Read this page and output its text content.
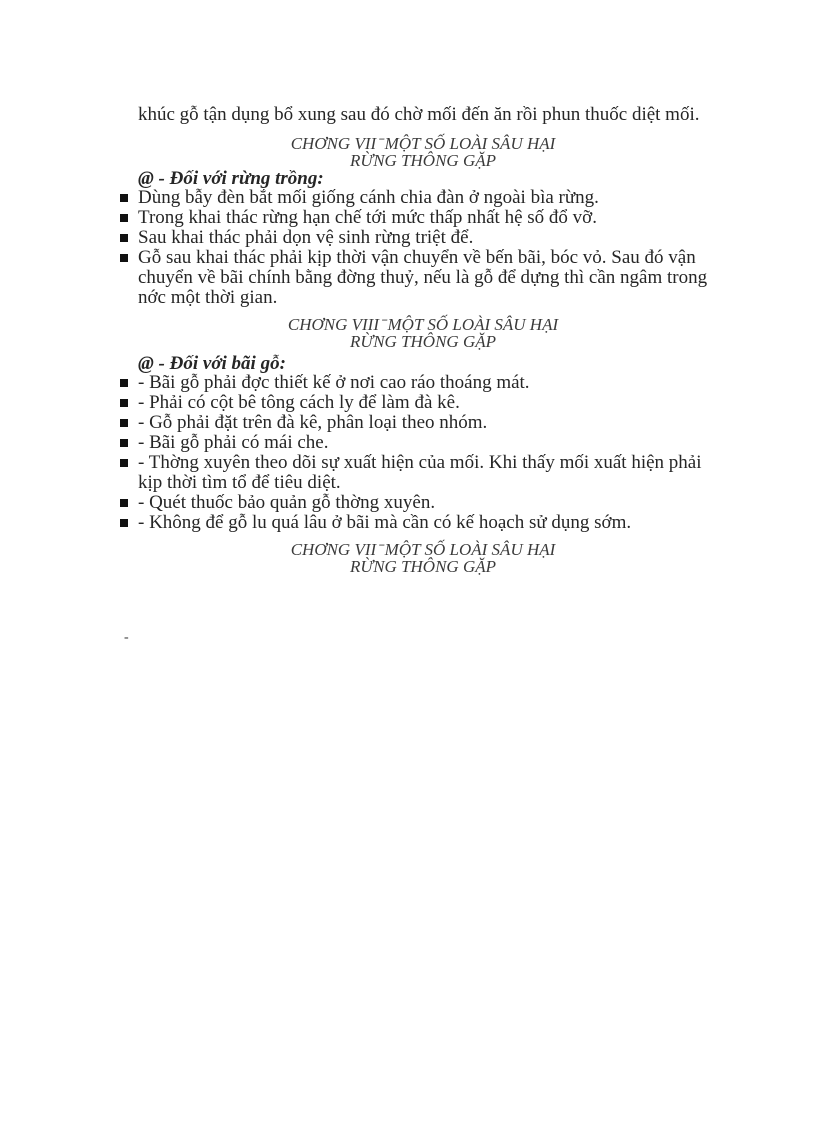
khúc gỗ tận dụng bổ xung sau đó chờ mối đến ăn rồi phun thuốc diệt mối.

CHƠNG VII ̄ MỘT SỐ LOÀI SÂU HẠI
RỪNG THÔNG GẶP

@ - Đối với rừng trồng:

Dùng bẫy đèn bắt mối giống cánh chia đàn ở ngoài bìa rừng.
Trong khai thác rừng hạn chế tới mức thấp nhất hệ số đổ vỡ.
Sau khai thác phải dọn vệ sinh rừng triệt để.
Gỗ sau khai thác phải kịp thời vận chuyển về bến bãi, bóc vỏ. Sau đó vận chuyển về bãi chính bằng đờng thuỷ, nếu là gỗ để dựng thì cần ngâm trong nớc một thời gian.

CHƠNG VIII ̄ MỘT SỐ LOÀI SÂU HẠI
RỪNG THÔNG GẶP

@ - Đối với bãi gỗ:

- Bãi gỗ phải đợc thiết kế ở nơi cao ráo thoáng mát.
- Phải có cột bê tông cách ly để làm đà kê.
- Gỗ phải đặt trên đà kê, phân loại theo nhóm.
- Bãi gỗ phải có mái che.
- Thờng xuyên theo dõi sự xuất hiện của mối. Khi thấy mối xuất hiện phải kịp thời tìm tổ để tiêu diệt.
- Quét thuốc bảo quản gỗ thờng xuyên.
- Không để gỗ lu quá lâu ở bãi mà cần có kế hoạch sử dụng sớm.

CHƠNG VII ̄ MỘT SỐ LOÀI SÂU HẠI
RỪNG THÔNG GẶP

-
